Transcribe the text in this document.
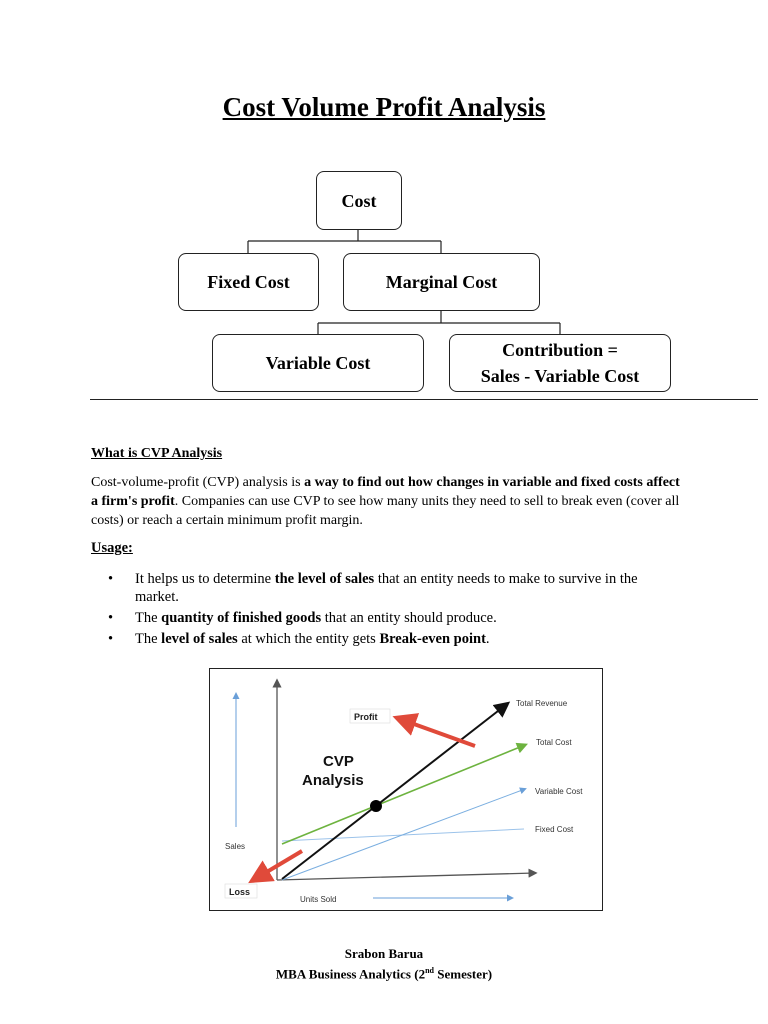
Cost Volume Profit Analysis
Cost
Fixed Cost	Marginal Cost
Variable Cost
Contribution =
Sales - Variable Cost
What is CVP Analysis
Cost-volume-profit (CVP) analysis is a way to find out how changes in variable and fixed costs affect a firm's profit. Companies can use CVP to see how many units they need to sell to break even (cover all costs) or reach a certain minimum profit margin.
Usage:
• It helps us to determine the level of sales that an entity needs to make to survive in the market.
• The quantity of finished goods that an entity should produce.
• The level of sales at which the entity gets Break-even point.
Profit
Loss
CVP
Analysis
Total Revenue
Total Cost
Variable Cost
Fixed Cost
Sales
Units Sold
Srabon Barua
MBA Business Analytics (2nd Semester)
